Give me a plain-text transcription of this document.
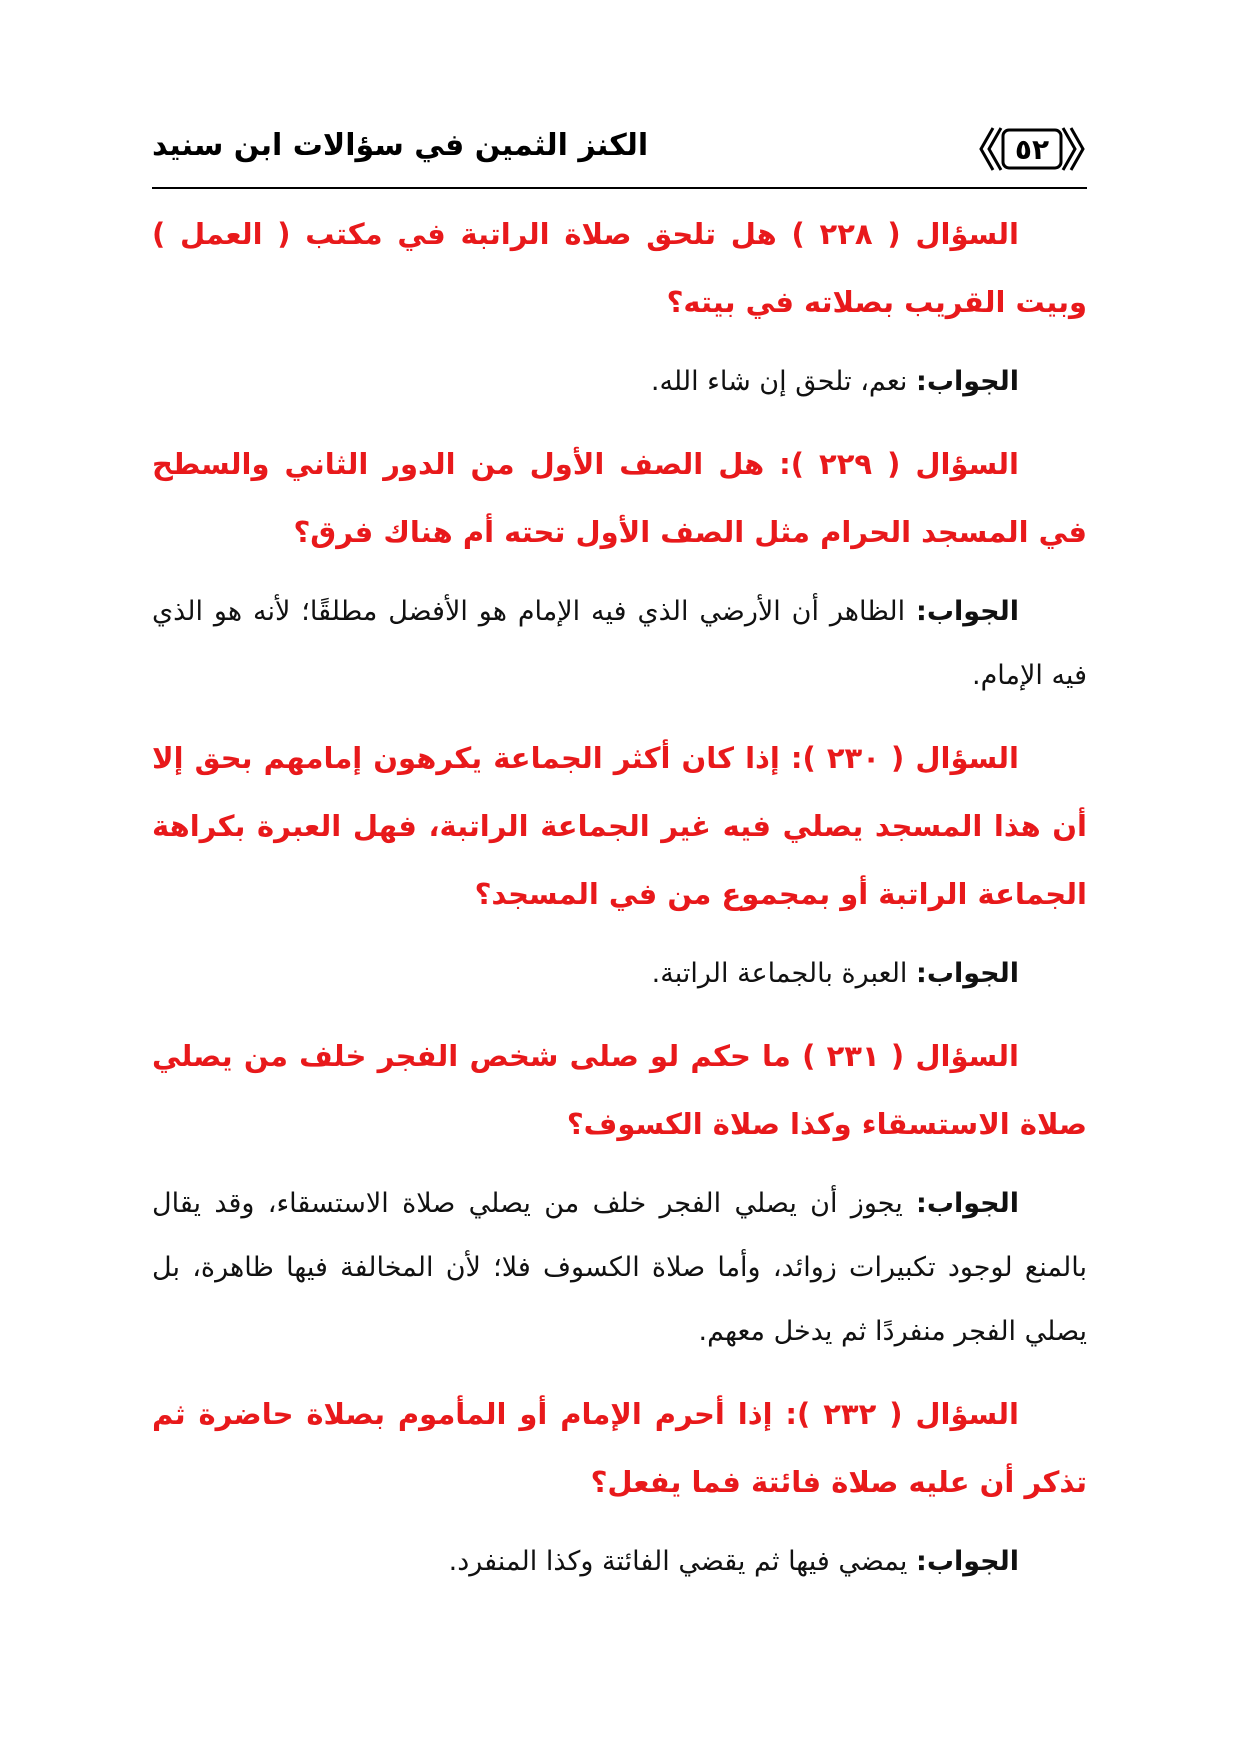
٥٢
الكنز الثمين في سؤالات ابن سنيد

السؤال ( ٢٢٨ ) هل تلحق صلاة الراتبة في مكتب ( العمل ) وبيت القريب بصلاته في بيته؟

الجواب: نعم، تلحق إن شاء الله.

السؤال ( ٢٢٩ ): هل الصف الأول من الدور الثاني والسطح في المسجد الحرام مثل الصف الأول تحته أم هناك فرق؟

الجواب: الظاهر أن الأرضي الذي فيه الإمام هو الأفضل مطلقًا؛ لأنه هو الذي فيه الإمام.

السؤال ( ٢٣٠ ): إذا كان أكثر الجماعة يكرهون إمامهم بحق إلا أن هذا المسجد يصلي فيه غير الجماعة الراتبة، فهل العبرة بكراهة الجماعة الراتبة أو بمجموع من في المسجد؟

الجواب: العبرة بالجماعة الراتبة.

السؤال ( ٢٣١ ) ما حكم لو صلى شخص الفجر خلف من يصلي صلاة الاستسقاء وكذا صلاة الكسوف؟

الجواب: يجوز أن يصلي الفجر خلف من يصلي صلاة الاستسقاء، وقد يقال بالمنع لوجود تكبيرات زوائد، وأما صلاة الكسوف فلا؛ لأن المخالفة فيها ظاهرة، بل يصلي الفجر منفردًا ثم يدخل معهم.

السؤال ( ٢٣٢ ): إذا أحرم الإمام أو المأموم بصلاة حاضرة ثم تذكر أن عليه صلاة فائتة فما يفعل؟

الجواب: يمضي فيها ثم يقضي الفائتة وكذا المنفرد.
